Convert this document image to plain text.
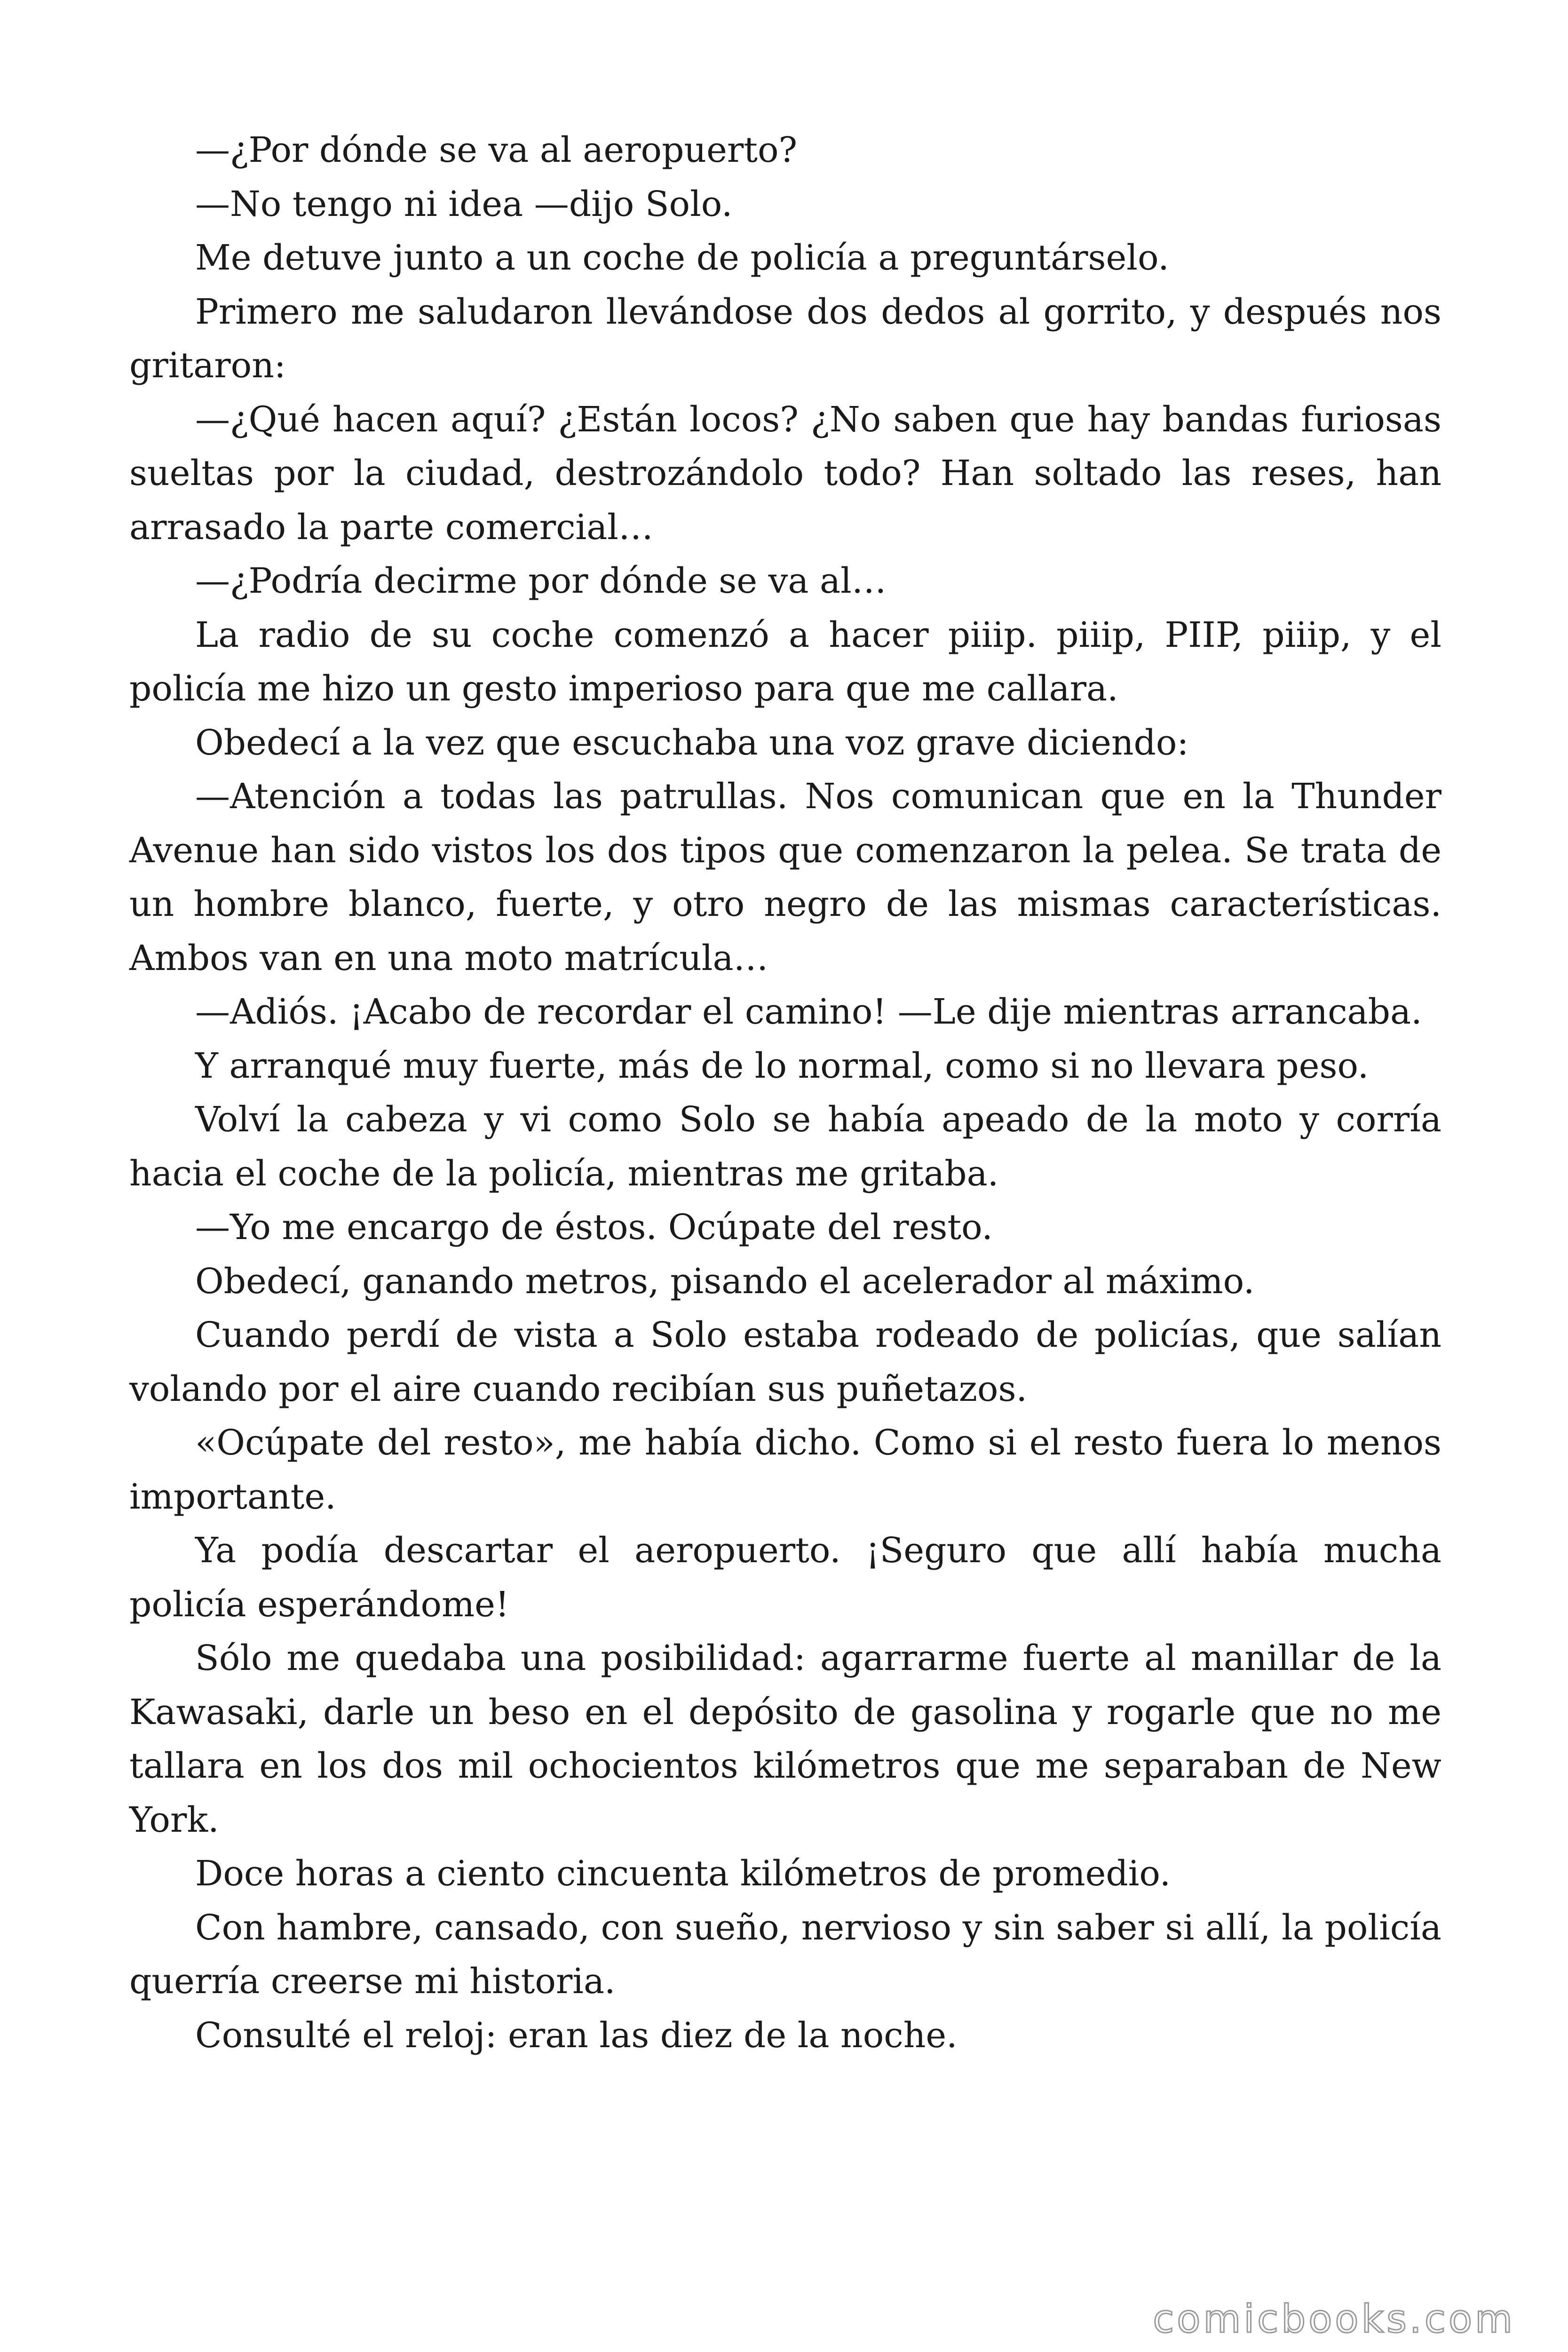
—¿Por dónde se va al aeropuerto?

—No tengo ni idea —dijo Solo.

Me detuve junto a un coche de policía a preguntárselo.

Primero me saludaron llevándose dos dedos al gorrito, y después nos gritaron:

—¿Qué hacen aquí? ¿Están locos? ¿No saben que hay bandas furiosas sueltas por la ciudad, destrozándolo todo? Han soltado las reses, han arrasado la parte comercial…

—¿Podría decirme por dónde se va al…

La radio de su coche comenzó a hacer piiip. piiip, PIIP, piiip, y el policía me hizo un gesto imperioso para que me callara.

Obedecí a la vez que escuchaba una voz grave diciendo:

—Atención a todas las patrullas. Nos comunican que en la Thunder Avenue han sido vistos los dos tipos que comenzaron la pelea. Se trata de un hombre blanco, fuerte, y otro negro de las mismas características. Ambos van en una moto matrícula…

—Adiós. ¡Acabo de recordar el camino! —Le dije mientras arrancaba.

Y arranqué muy fuerte, más de lo normal, como si no llevara peso.

Volví la cabeza y vi como Solo se había apeado de la moto y corría hacia el coche de la policía, mientras me gritaba.

—Yo me encargo de éstos. Ocúpate del resto.

Obedecí, ganando metros, pisando el acelerador al máximo.

Cuando perdí de vista a Solo estaba rodeado de policías, que salían volando por el aire cuando recibían sus puñetazos.

«Ocúpate del resto», me había dicho. Como si el resto fuera lo menos importante.

Ya podía descartar el aeropuerto. ¡Seguro que allí había mucha policía esperándome!

Sólo me quedaba una posibilidad: agarrarme fuerte al manillar de la Kawasaki, darle un beso en el depósito de gasolina y rogarle que no me tallara en los dos mil ochocientos kilómetros que me separaban de New York.

Doce horas a ciento cincuenta kilómetros de promedio.

Con hambre, cansado, con sueño, nervioso y sin saber si allí, la policía querría creerse mi historia.

Consulté el reloj: eran las diez de la noche.

comicbooks.com
